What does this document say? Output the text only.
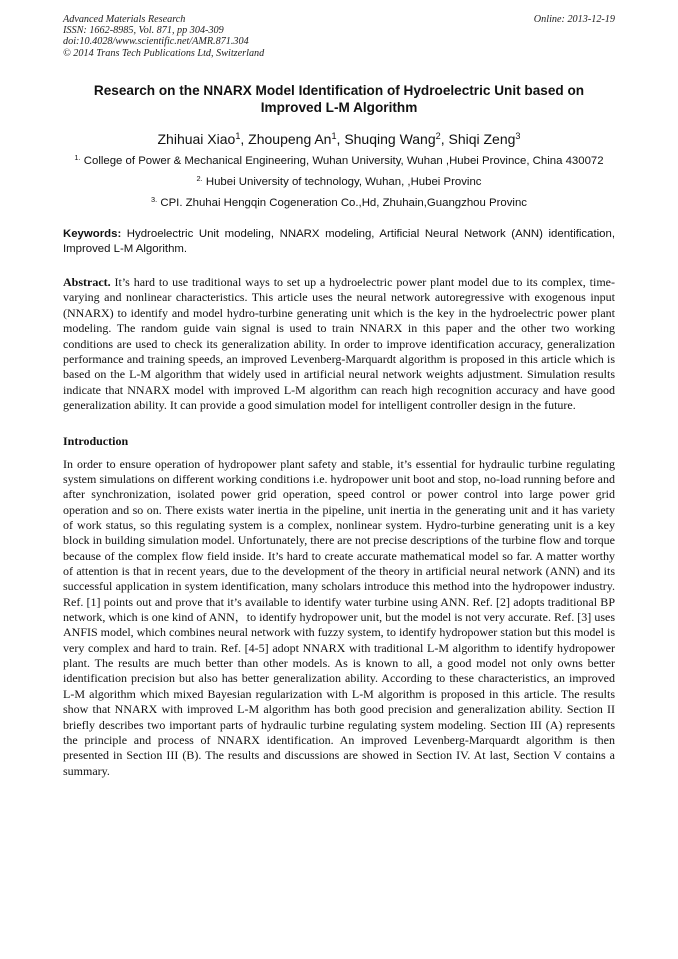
Advanced Materials Research
ISSN: 1662-8985, Vol. 871, pp 304-309
doi:10.4028/www.scientific.net/AMR.871.304
© 2014 Trans Tech Publications Ltd, Switzerland
Online: 2013-12-19
Research on the NNARX Model Identification of Hydroelectric Unit based on Improved L-M Algorithm
Zhihuai Xiao$^1$, Zhoupeng An$^1$, Shuqing Wang$^2$, Shiqi Zeng$^3$
$^{1.}$ College of Power & Mechanical Engineering, Wuhan University, Wuhan ,Hubei Province, China 430072
$^{2.}$ Hubei University of technology, Wuhan, ,Hubei Provinc
$^{3.}$ CPI. Zhuhai Hengqin Cogeneration Co.,Hd, Zhuhain,Guangzhou Provinc

Keywords: Hydroelectric Unit modeling, NNARX modeling, Artificial Neural Network (ANN) identification, Improved L-M Algorithm.

Abstract. It’s hard to use traditional ways to set up a hydroelectric power plant model due to its complex, time-varying and nonlinear characteristics. This article uses the neural network autoregressive with exogenous input (NNARX) to identify and model hydro-turbine generating unit which is the key in the hydroelectric power plant modeling. The random guide vain signal is used to train NNARX in this paper and the other two working conditions are used to check its generalization ability. In order to improve identification accuracy, generalization performance and training speeds, an improved Levenberg-Marquardt algorithm is proposed in this article which is based on the L-M algorithm that widely used in artificial neural network weights adjustment. Simulation results indicate that NNARX model with improved L-M algorithm can reach high recognition accuracy and have good generalization ability. It can provide a good simulation model for intelligent controller design in the future.

Introduction

In order to ensure operation of hydropower plant safety and stable, it’s essential for hydraulic turbine regulating system simulations on different working conditions i.e. hydropower unit boot and stop, no-load running before and after synchronization, isolated power grid operation, speed control or power control into large power grid operation and so on. There exists water inertia in the pipeline, unit inertia in the generating unit and it has variety of work status, so this regulating system is a complex, nonlinear system. Hydro-turbine generating unit is a key block in building simulation model. Unfortunately, there are not precise descriptions of the turbine flow and torque because of the complex flow field inside. It’s hard to create accurate mathematical model so far. A matter worthy of attention is that in recent years, due to the development of the theory in artificial neural network (ANN) and its successful application in system identification, many scholars introduce this method into the hydropower industry. Ref. [1] points out and prove that it’s available to identify water turbine using ANN. Ref. [2] adopts traditional BP network, which is one kind of ANN，to identify hydropower unit, but the model is not very accurate. Ref. [3] uses ANFIS model, which combines neural network with fuzzy system, to identify hydropower station but this model is very complex and hard to train. Ref. [4-5] adopt NNARX with traditional L-M algorithm to identify hydropower plant. The results are much better than other models. As is known to all, a good model not only owns better identification precision but also has better generalization ability. According to these characteristics, an improved L-M algorithm which mixed Bayesian regularization with L-M algorithm is proposed in this article. The results show that NNARX with improved L-M algorithm has both good precision and generalization ability. Section II briefly describes two important parts of hydraulic turbine regulating system modeling. Section III (A) represents the principle and process of NNARX identification. An improved Levenberg-Marquardt algorithm is then presented in Section III (B). The results and discussions are showed in Section IV. At last, Section V contains a summary.
